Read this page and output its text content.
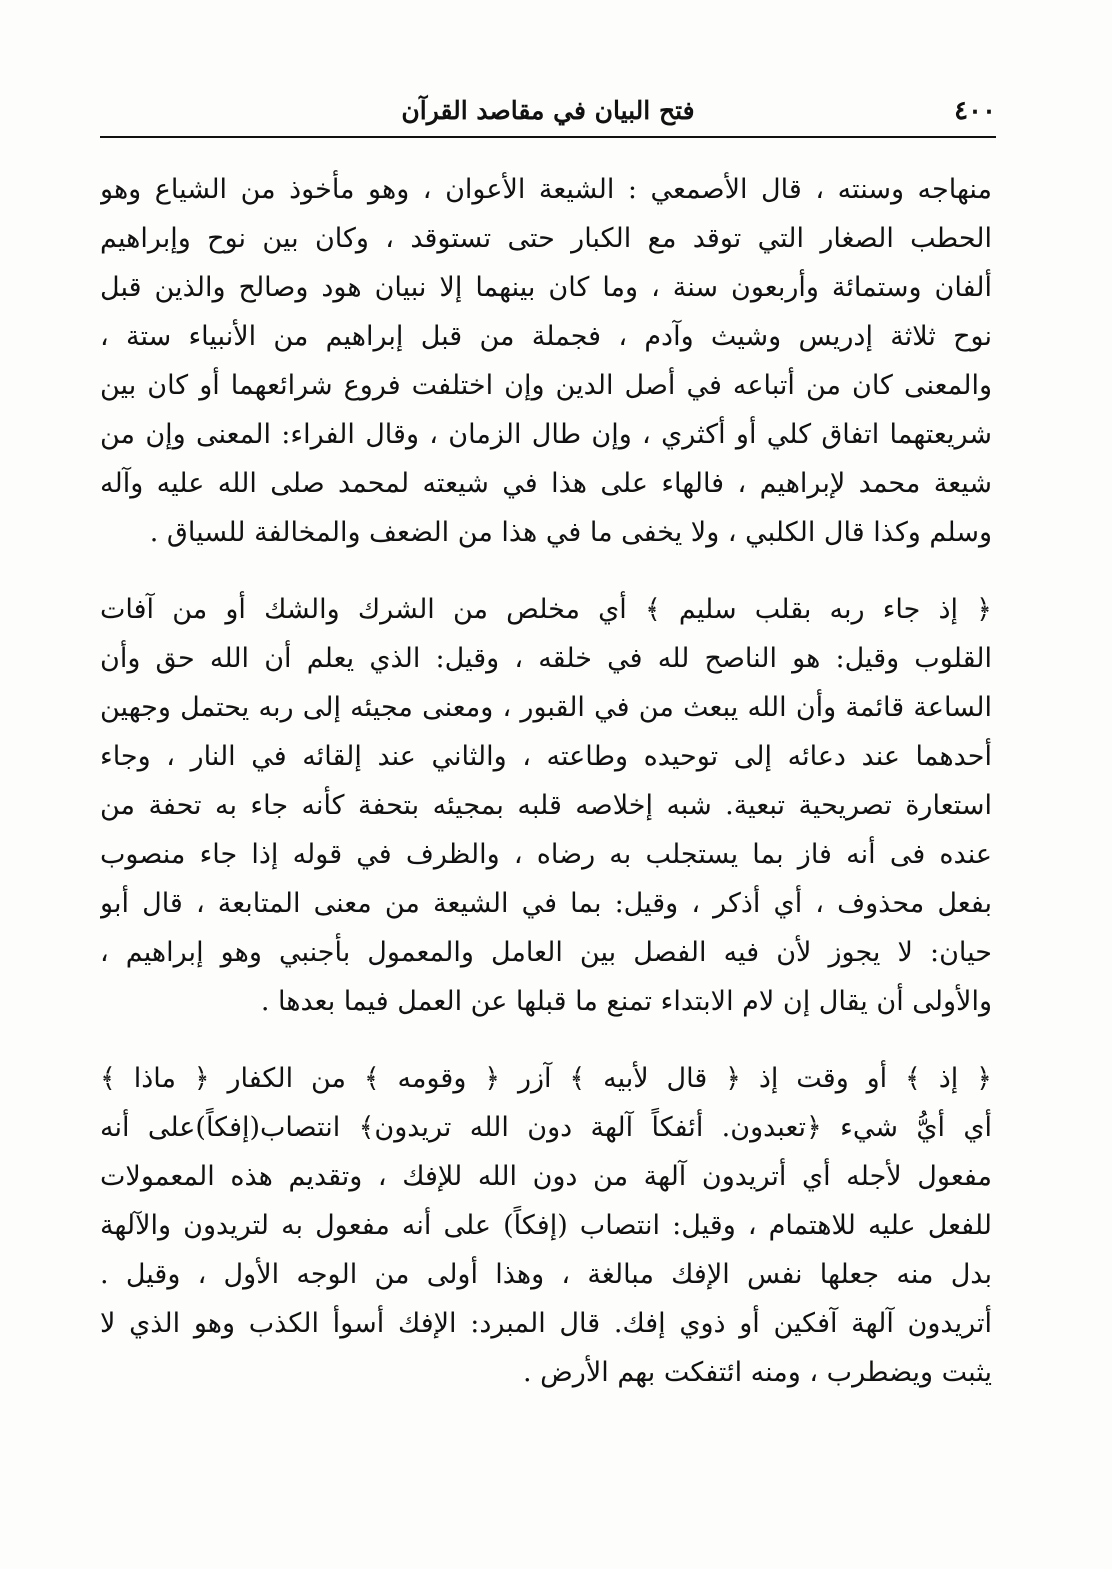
٤٠٠
فتح البيان في مقاصد القرآن
منهاجه وسنته ، قال الأصمعي : الشيعة الأعوان ، وهو مأخوذ من الشياع وهو
الحطب الصغار التي توقد مع الكبار حتى تستوقد ، وكان بين نوح وإبراهيم
ألفان وستمائة وأربعون سنة ، وما كان بينهما إلا نبيان هود وصالح والذين قبل
نوح ثلاثة إدريس وشيث وآدم ، فجملة من قبل إبراهيم من الأنبياء ستة ،
والمعنى كان من أتباعه في أصل الدين وإن اختلفت فروع شرائعهما أو كان بين
شريعتهما اتفاق كلي أو أكثري ، وإن طال الزمان ، وقال الفراء: المعنى وإن من
شيعة محمد لإبراهيم ، فالهاء على هذا في شيعته لمحمد صلى الله عليه وآله
وسلم وكذا قال الكلبي ، ولا يخفى ما في هذا من الضعف والمخالفة للسياق .
﴿ إذ جاء ربه بقلب سليم ﴾ أي مخلص من الشرك والشك أو من آفات
القلوب وقيل: هو الناصح لله في خلقه ، وقيل: الذي يعلم أن الله حق وأن
الساعة قائمة وأن الله يبعث من في القبور ، ومعنى مجيئه إلى ربه يحتمل وجهين
أحدهما عند دعائه إلى توحيده وطاعته ، والثاني عند إلقائه في النار ، وجاء
استعارة تصريحية تبعية. شبه إخلاصه قلبه بمجيئه بتحفة كأنه جاء به تحفة من
عنده فى أنه فاز بما يستجلب به رضاه ، والظرف في قوله إذا جاء منصوب
بفعل محذوف ، أي أذكر ، وقيل: بما في الشيعة من معنى المتابعة ، قال أبو
حيان: لا يجوز لأن فيه الفصل بين العامل والمعمول بأجنبي وهو إبراهيم ،
والأولى أن يقال إن لام الابتداء تمنع ما قبلها عن العمل فيما بعدها .
﴿ إذ ﴾ أو وقت إذ ﴿ قال لأبيه ﴾ آزر ﴿ وقومه ﴾ من الكفار ﴿ ماذا ﴾
أي أيُّ شيء ﴿تعبدون. أئفكاً آلهة دون الله تريدون﴾ انتصاب(إفكاً)على أنه
مفعول لأجله أي أتريدون آلهة من دون الله للإفك ، وتقديم هذه المعمولات
للفعل عليه للاهتمام ، وقيل: انتصاب (إفكاً) على أنه مفعول به لتريدون والآلهة
بدل منه جعلها نفس الإفك مبالغة ، وهذا أولى من الوجه الأول ، وقيل .
أتريدون آلهة آفكين أو ذوي إفك. قال المبرد: الإفك أسوأ الكذب وهو الذي لا
يثبت ويضطرب ، ومنه ائتفكت بهم الأرض .
